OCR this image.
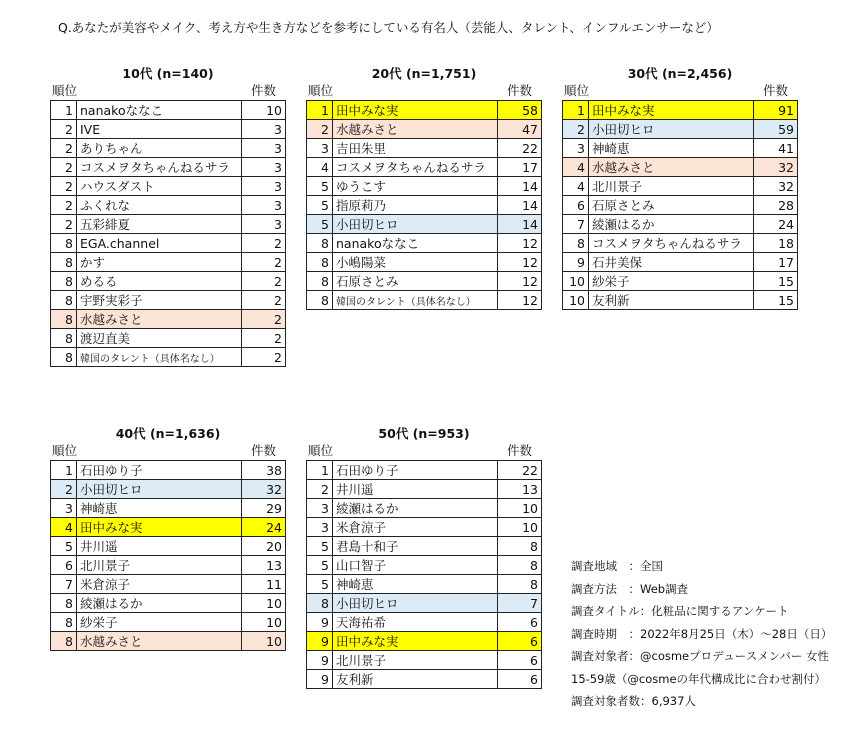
Q.あなたが美容やメイク、考え方や生き方などを参考にしている有名人（芸能人、タレント、インフルエンサーなど）
10代 (n=140)
順位	件数
1	nanakoななこ	10
2	IVE	3
2	ありちゃん	3
2	コスメヲタちゃんねるサラ	3
2	ハウスダスト	3
2	ふくれな	3
2	五彩緋夏	3
8	EGA.channel	2
8	かす	2
8	めるる	2
8	宇野実彩子	2
8	水越みさと	2
8	渡辺直美	2
8	韓国のタレント（具体名なし）	2
20代 (n=1,751)
順位	件数
1	田中みな実	58
2	水越みさと	47
3	吉田朱里	22
4	コスメヲタちゃんねるサラ	17
5	ゆうこす	14
5	指原莉乃	14
5	小田切ヒロ	14
8	nanakoななこ	12
8	小嶋陽菜	12
8	石原さとみ	12
8	韓国のタレント（具体名なし）	12
30代 (n=2,456)
順位	件数
1	田中みな実	91
2	小田切ヒロ	59
3	神崎恵	41
4	水越みさと	32
4	北川景子	32
6	石原さとみ	28
7	綾瀬はるか	24
8	コスメヲタちゃんねるサラ	18
9	石井美保	17
10	紗栄子	15
10	友利新	15
40代 (n=1,636)
順位	件数
1	石田ゆり子	38
2	小田切ヒロ	32
3	神崎恵	29
4	田中みな実	24
5	井川遥	20
6	北川景子	13
7	米倉涼子	11
8	綾瀬はるか	10
8	紗栄子	10
8	水越みさと	10
50代 (n=953)
順位	件数
1	石田ゆり子	22
2	井川遥	13
3	綾瀬はるか	10
3	米倉涼子	10
5	君島十和子	8
5	山口智子	8
5	神崎恵	8
8	小田切ヒロ	7
9	天海祐希	6
9	田中みな実	6
9	北川景子	6
9	友利新	6
調査地域　：全国
調査方法　：Web調査
調査タイトル：化粧品に関するアンケート
調査時期　：2022年8月25日（木）～28日（日）
調査対象者：@cosmeプロデュースメンバー 女性
15-59歳（@cosmeの年代構成比に合わせ割付）
調査対象者数：6,937人
